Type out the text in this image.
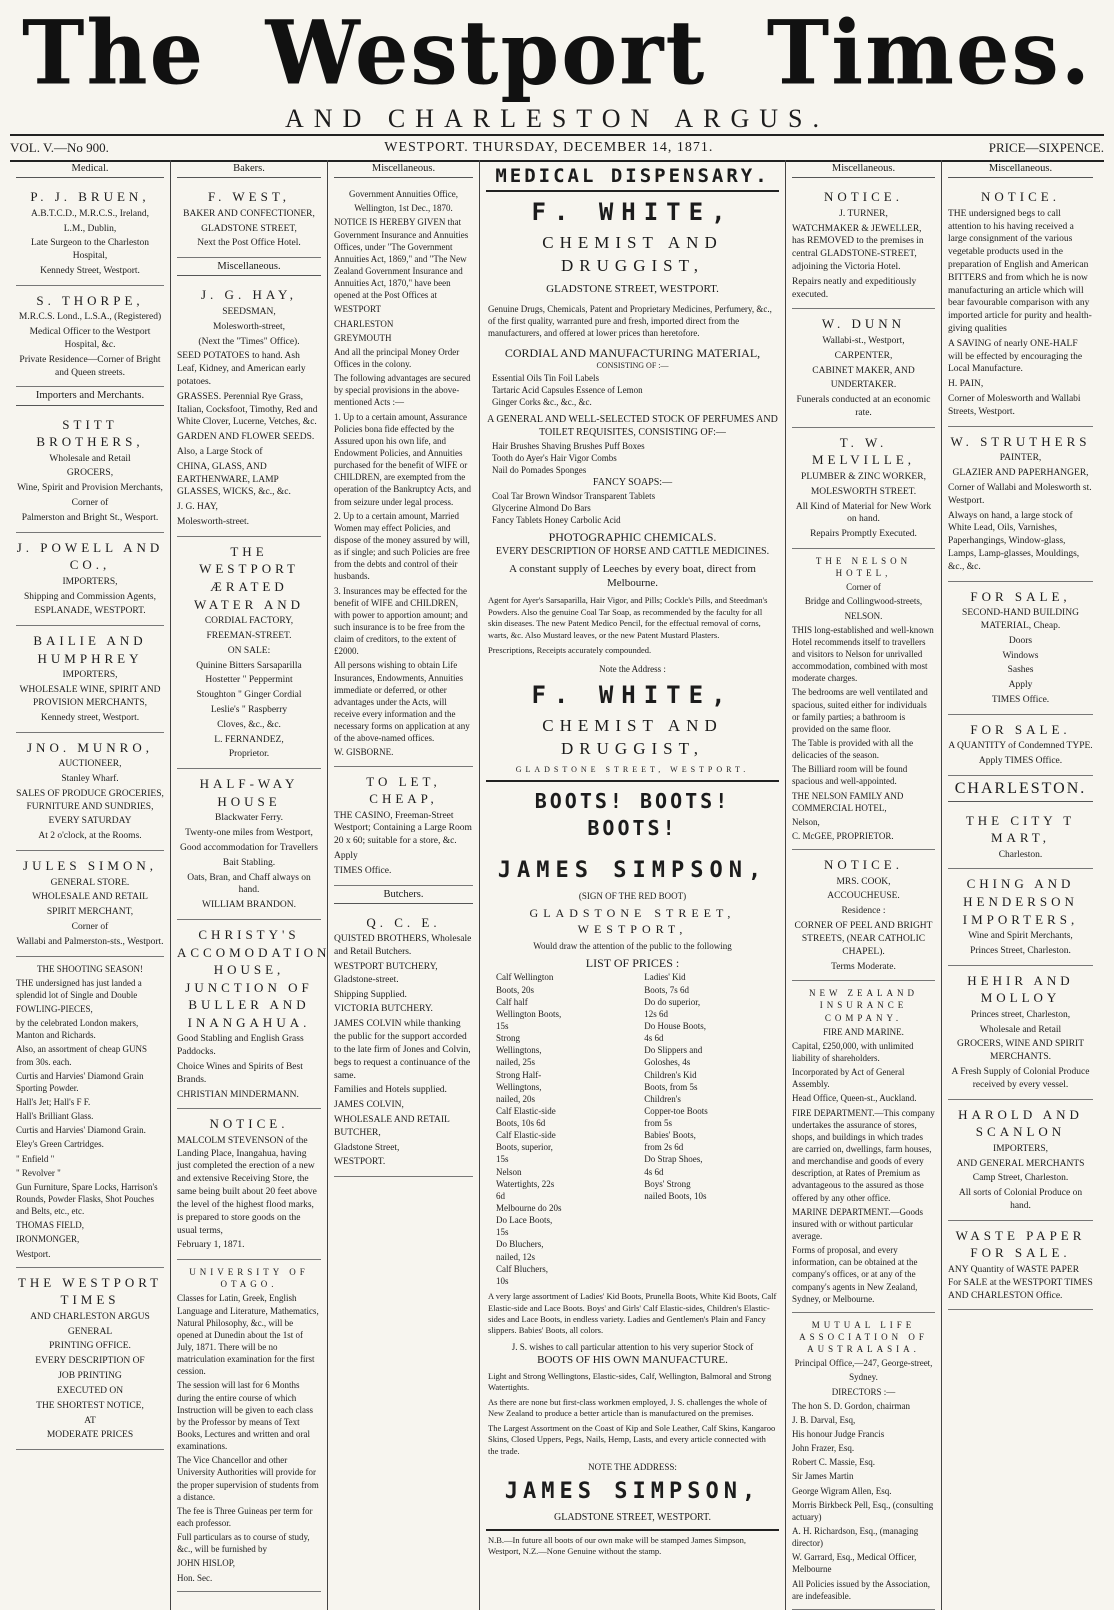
The Westport Times.
AND CHARLESTON ARGUS.
VOL. V.—No 900.	WESTPORT. THURSDAY, DECEMBER 14, 1871.	PRICE—SIXPENCE.
Medical.

P. J. BRUEN,

A.B.T.C.D., M.R.C.S., Ireland,

L.M., Dublin,

Late Surgeon to the Charleston Hospital,

Kennedy Street, Westport.

S. THORPE,

M.R.C.S. Lond., L.S.A., (Registered)

Medical Officer to the Westport Hospital, &c.

Private Residence—Corner of Bright and Queen streets.

Importers and Merchants.

STITT BROTHERS,

Wholesale and Retail

GROCERS,

Wine, Spirit and Provision Merchants,

Corner of

Palmerston and Bright St., Wesport.

J. POWELL AND CO.,

IMPORTERS,

Shipping and Commission Agents,

ESPLANADE, WESTPORT.

BAILIE AND HUMPHREY

IMPORTERS,

WHOLESALE WINE, SPIRIT AND PROVISION MERCHANTS,

Kennedy street, Westport.

JNO. MUNRO,

AUCTIONEER,

Stanley Wharf.

SALES OF PRODUCE GROCERIES, FURNITURE AND SUNDRIES,

EVERY SATURDAY

At 2 o'clock, at the Rooms.

JULES SIMON,

GENERAL STORE.

WHOLESALE AND RETAIL

SPIRIT MERCHANT,

Corner of

Wallabi and Palmerston-sts., Westport.

THE SHOOTING SEASON!

THE undersigned has just landed a splendid lot of Single and Double

FOWLING-PIECES,

by the celebrated London makers, Manton and Richards.

Also, an assortment of cheap GUNS from 30s. each.

Curtis and Harvies' Diamond Grain Sporting Powder.

Hall's Jet; Hall's F F.

Hall's Brilliant Glass.

Curtis and Harvies' Diamond Grain.

Eley's Green Cartridges.

" Enfield "

" Revolver "

Gun Furniture, Spare Locks, Harrison's Rounds, Powder Flasks, Shot Pouches and Belts, etc., etc.

THOMAS FIELD,

IRONMONGER,

Westport.

THE WESTPORT TIMES

AND CHARLESTON ARGUS

GENERAL

PRINTING OFFICE.

EVERY DESCRIPTION OF

JOB PRINTING

EXECUTED ON

THE SHORTEST NOTICE,

AT

MODERATE PRICES

Bakers.

F. WEST,

BAKER AND CONFECTIONER,

GLADSTONE STREET,

Next the Post Office Hotel.

Miscellaneous.

J. G. HAY,

SEEDSMAN,

Molesworth-street,

(Next the "Times" Office).

SEED POTATOES to hand. Ash Leaf, Kidney, and American early potatoes.

GRASSES. Perennial Rye Grass, Italian, Cocksfoot, Timothy, Red and White Clover, Lucerne, Vetches, &c.

GARDEN AND FLOWER SEEDS.

Also, a Large Stock of

CHINA, GLASS, AND EARTHENWARE, LAMP GLASSES, WICKS, &c., &c.

J. G. HAY,

Molesworth-street.

THE WESTPORT ÆRATED WATER AND

CORDIAL FACTORY,

FREEMAN-STREET.

ON SALE:

Quinine Bitters Sarsaparilla

Hostetter " Peppermint

Stoughton " Ginger Cordial

Leslie's " Raspberry

Cloves, &c., &c.

L. FERNANDEZ,

Proprietor.

HALF-WAY HOUSE

Blackwater Ferry.

Twenty-one miles from Westport,

Good accommodation for Travellers

Bait Stabling.

Oats, Bran, and Chaff always on hand.

WILLIAM BRANDON.

CHRISTY'S ACCOMODATION HOUSE, JUNCTION OF BULLER AND INANGAHUA.

Good Stabling and English Grass Paddocks.

Choice Wines and Spirits of Best Brands.

CHRISTIAN MINDERMANN.

NOTICE.

MALCOLM STEVENSON of the Landing Place, Inangahua, having just completed the erection of a new and extensive Receiving Store, the same being built about 20 feet above the level of the highest flood marks, is prepared to store goods on the usual terms,

February 1, 1871.

UNIVERSITY OF OTAGO.

Classes for Latin, Greek, English Language and Literature, Mathematics, Natural Philosophy, &c., will be opened at Dunedin about the 1st of July, 1871. There will be no matriculation examination for the first cession.

The session will last for 6 Months during the entire course of which Instruction will be given to each class by the Professor by means of Text Books, Lectures and written and oral examinations.

The Vice Chancellor and other University Authorities will provide for the proper supervision of students from a distance.

The fee is Three Guineas per term for each professor.

Full particulars as to course of study, &c., will be furnished by

JOHN HISLOP,

Hon. Sec.

Miscellaneous.

Government Annuities Office,

Wellington, 1st Dec., 1870.

NOTICE IS HEREBY GIVEN that Government Insurance and Annuities Offices, under "The Government Annuities Act, 1869," and "The New Zealand Government Insurance and Annuities Act, 1870," have been opened at the Post Offices at

WESTPORT

CHARLESTON

GREYMOUTH

And all the principal Money Order Offices in the colony.

The following advantages are secured by special provisions in the above-mentioned Acts :—

1. Up to a certain amount, Assurance Policies bona fide effected by the Assured upon his own life, and Endowment Policies, and Annuities purchased for the benefit of WIFE or CHILDREN, are exempted from the operation of the Bankruptcy Acts, and from seizure under legal process.

2. Up to a certain amount, Married Women may effect Policies, and dispose of the money assured by will, as if single; and such Policies are free from the debts and control of their husbands.

3. Insurances may be effected for the benefit of WIFE and CHILDREN, with power to apportion amount; and such insurance is to be free from the claim of creditors, to the extent of £2000.

All persons wishing to obtain Life Insurances, Endowments, Annuities immediate or deferred, or other advantages under the Acts, will receive every information and the necessary forms on application at any of the above-named offices.

W. GISBORNE.

TO LET, CHEAP,

THE CASINO, Freeman-Street Westport; Containing a Large Room 20 x 60; suitable for a store, &c.

Apply

TIMES Office.

Butchers.

Q. C. E.

QUISTED BROTHERS, Wholesale and Retail Butchers.

WESTPORT BUTCHERY, Gladstone-street.

Shipping Supplied.

VICTORIA BUTCHERY.

JAMES COLVIN while thanking the public for the support accorded to the late firm of Jones and Colvin, begs to request a continuance of the same.

Families and Hotels supplied.

JAMES COLVIN,

WHOLESALE AND RETAIL BUTCHER,

Gladstone Street,

WESTPORT.

MEDICAL DISPENSARY.
F. WHITE,
CHEMIST AND DRUGGIST,
GLADSTONE STREET, WESTPORT.

Genuine Drugs, Chemicals, Patent and Proprietary Medicines, Perfumery, &c., of the first quality, warranted pure and fresh, imported direct from the manufacturers, and offered at lower prices than heretofore.

CORDIAL AND MANUFACTURING MATERIAL,
CONSISTING OF :—
Essential Oils Tin Foil Labels
Tartaric Acid Capsules Essence of Lemon
Ginger Corks &c., &c., &c.
A GENERAL AND WELL-SELECTED STOCK OF PERFUMES AND TOILET REQUISITES, CONSISTING OF:—
Hair Brushes Shaving Brushes Puff Boxes
Tooth do Ayer's Hair Vigor Combs
Nail do Pomades Sponges
FANCY SOAPS:—
Coal Tar Brown Windsor Transparent Tablets
Glycerine Almond Do Bars
Fancy Tablets Honey Carbolic Acid
PHOTOGRAPHIC CHEMICALS.
EVERY DESCRIPTION OF HORSE AND CATTLE MEDICINES.
A constant supply of Leeches by every boat, direct from Melbourne.

Agent for Ayer's Sarsaparilla, Hair Vigor, and Pills; Cockle's Pills, and Steedman's Powders. Also the genuine Coal Tar Soap, as recommended by the faculty for all skin diseases. The new Patent Medico Pencil, for the effectual removal of corns, warts, &c. Also Mustard leaves, or the new Patent Mustard Plasters.

Prescriptions, Receipts accurately compounded.

Note the Address :
F. WHITE,
CHEMIST AND DRUGGIST,
GLADSTONE STREET, WESTPORT.
BOOTS! BOOTS! BOOTS!
JAMES SIMPSON,
(SIGN OF THE RED BOOT)
GLADSTONE STREET, WESTPORT,
Would draw the attention of the public to the following
LIST OF PRICES :
Calf Wellington Boots, 20s
Calf half Wellington Boots, 15s
Strong Wellingtons, nailed, 25s
Strong Half-Wellingtons, nailed, 20s
Calf Elastic-side Boots, 10s 6d
Calf Elastic-side Boots, superior, 15s
Nelson Watertights, 22s 6d
Melbourne do 20s
Do Lace Boots, 15s
Do Bluchers, nailed, 12s
Calf Bluchers, 10s
Ladies' Kid Boots, 7s 6d
Do do superior, 12s 6d
Do House Boots, 4s 6d
Do Slippers and Goloshes, 4s
Children's Kid Boots, from 5s
Children's Copper-toe Boots from 5s
Babies' Boots, from 2s 6d
Do Strap Shoes, 4s 6d
Boys' Strong nailed Boots, 10s

A very large assortment of Ladies' Kid Boots, Prunella Boots, White Kid Boots, Calf Elastic-side and Lace Boots. Boys' and Girls' Calf Elastic-sides, Children's Elastic-sides and Lace Boots, in endless variety. Ladies and Gentlemen's Plain and Fancy slippers. Babies' Boots, all colors.

J. S. wishes to call particular attention to his very superior Stock of
BOOTS OF HIS OWN MANUFACTURE.

Light and Strong Wellingtons, Elastic-sides, Calf, Wellington, Balmoral and Strong Watertights.

As there are none but first-class workmen employed, J. S. challenges the whole of New Zealand to produce a better article than is manufactured on the premises.

The Largest Assortment on the Coast of Kip and Sole Leather, Calf Skins, Kangaroo Skins, Closed Uppers, Pegs, Nails, Hemp, Lasts, and every article connected with the trade.

NOTE THE ADDRESS:
JAMES SIMPSON,
GLADSTONE STREET, WESTPORT.

N.B.—In future all boots of our own make will be stamped James Simpson, Westport, N.Z.—None Genuine without the stamp.

Miscellaneous.

NOTICE.

J. TURNER,

WATCHMAKER & JEWELLER, has REMOVED to the premises in central GLADSTONE-STREET, adjoining the Victoria Hotel.

Repairs neatly and expeditiously executed.

W. DUNN

Wallabi-st., Westport,

CARPENTER,

CABINET MAKER, AND

UNDERTAKER.

Funerals conducted at an economic rate.

T. W. MELVILLE,

PLUMBER & ZINC WORKER,

MOLESWORTH STREET.

All Kind of Material for New Work on hand.

Repairs Promptly Executed.

THE NELSON HOTEL,

Corner of

Bridge and Collingwood-streets,

NELSON.

THIS long-established and well-known Hotel recommends itself to travellers and visitors to Nelson for unrivalled accommodation, combined with most moderate charges.

The bedrooms are well ventilated and spacious, suited either for individuals or family parties; a bathroom is provided on the same floor.

The Table is provided with all the delicacies of the season.

The Billiard room will be found spacious and well-appointed.

THE NELSON FAMILY AND COMMERCIAL HOTEL,

Nelson,

C. McGEE, PROPRIETOR.

NOTICE.

MRS. COOK,

ACCOUCHEUSE.

Residence :

CORNER OF PEEL AND BRIGHT STREETS, (NEAR CATHOLIC CHAPEL).

Terms Moderate.

NEW ZEALAND INSURANCE COMPANY.

FIRE AND MARINE.

Capital, £250,000, with unlimited liability of shareholders.

Incorporated by Act of General Assembly.

Head Office, Queen-st., Auckland.

FIRE DEPARTMENT.—This company undertakes the assurance of stores, shops, and buildings in which trades are carried on, dwellings, farm houses, and merchandise and goods of every description, at Rates of Premium as advantageous to the assured as those offered by any other office.

MARINE DEPARTMENT.—Goods insured with or without particular average.

Forms of proposal, and every information, can be obtained at the company's offices, or at any of the company's agents in New Zealand, Sydney, or Melbourne.

MUTUAL LIFE ASSOCIATION OF AUSTRALASIA.

Principal Office,—247, George-street,

Sydney.

DIRECTORS :—

The hon S. D. Gordon, chairman

J. B. Darval, Esq,

His honour Judge Francis

John Frazer, Esq.

Robert C. Massie, Esq.

Sir James Martin

George Wigram Allen, Esq.

Morris Birkbeck Pell, Esq., (consulting actuary)

A. H. Richardson, Esq., (managing director)

W. Garrard, Esq., Medical Officer, Melbourne

All Policies issued by the Association, are indefeasible.

Miscellaneous.

NOTICE.

THE undersigned begs to call attention to his having received a large consignment of the various vegetable products used in the preparation of English and American BITTERS and from which he is now manufacturing an article which will bear favourable comparison with any imported article for purity and health-giving qualities

A SAVING of nearly ONE-HALF will be effected by encouraging the Local Manufacture.

H. PAIN,

Corner of Molesworth and Wallabi Streets, Westport.

W. STRUTHERS

PAINTER,

GLAZIER AND PAPERHANGER,

Corner of Wallabi and Molesworth st. Westport.

Always on hand, a large stock of White Lead, Oils, Varnishes, Paperhangings, Window-glass, Lamps, Lamp-glasses, Mouldings, &c., &c.

FOR SALE,

SECOND-HAND BUILDING MATERIAL, Cheap.

Doors

Windows

Sashes

Apply

TIMES Office.

FOR SALE.

A QUANTITY of Condemned TYPE.

Apply TIMES Office.

CHARLESTON.

THE CITY T MART,

Charleston.

CHING AND HENDERSON IMPORTERS,

Wine and Spirit Merchants,

Princes Street, Charleston.

HEHIR AND MOLLOY

Princes street, Charleston,

Wholesale and Retail

GROCERS, WINE AND SPIRIT MERCHANTS.

A Fresh Supply of Colonial Produce received by every vessel.

HAROLD AND SCANLON

IMPORTERS,

AND GENERAL MERCHANTS

Camp Street, Charleston.

All sorts of Colonial Produce on hand.

WASTE PAPER FOR SALE.

ANY Quantity of WASTE PAPER For SALE at the WESTPORT TIMES AND CHARLESTON Office.
